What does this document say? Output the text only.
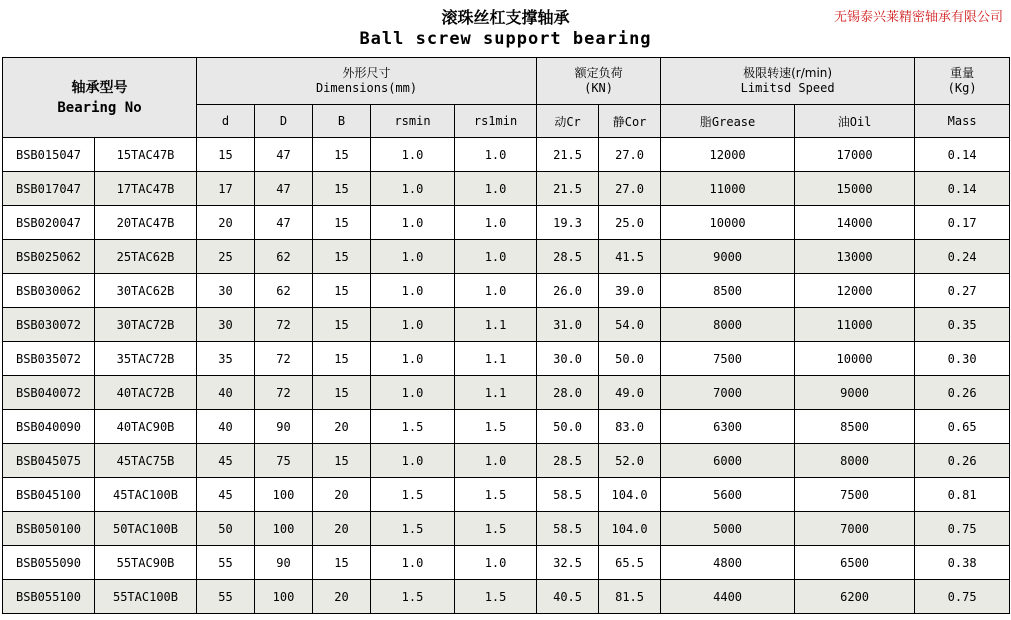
无锡泰兴莱精密轴承有限公司
滚珠丝杠支撑轴承
Ball screw support bearing
轴承型号
Bearing No

外形尺寸
Dimensions(mm)

额定负荷
(KN)

极限转速(r/min)
Limitsd Speed

重量
(Kg)

		d	D	B	rsmin	rs1min	动Cr	静Cor	脂Grease	油Oil	Mass
BSB015047	15TAC47B	15	47	15	1.0	1.0	21.5	27.0	12000	17000	0.14
BSB017047	17TAC47B	17	47	15	1.0	1.0	21.5	27.0	11000	15000	0.14
BSB020047	20TAC47B	20	47	15	1.0	1.0	19.3	25.0	10000	14000	0.17
BSB025062	25TAC62B	25	62	15	1.0	1.0	28.5	41.5	9000	13000	0.24
BSB030062	30TAC62B	30	62	15	1.0	1.0	26.0	39.0	8500	12000	0.27
BSB030072	30TAC72B	30	72	15	1.0	1.1	31.0	54.0	8000	11000	0.35
BSB035072	35TAC72B	35	72	15	1.0	1.1	30.0	50.0	7500	10000	0.30
BSB040072	40TAC72B	40	72	15	1.0	1.1	28.0	49.0	7000	9000	0.26
BSB040090	40TAC90B	40	90	20	1.5	1.5	50.0	83.0	6300	8500	0.65
BSB045075	45TAC75B	45	75	15	1.0	1.0	28.5	52.0	6000	8000	0.26
BSB045100	45TAC100B	45	100	20	1.5	1.5	58.5	104.0	5600	7500	0.81
BSB050100	50TAC100B	50	100	20	1.5	1.5	58.5	104.0	5000	7000	0.75
BSB055090	55TAC90B	55	90	15	1.0	1.0	32.5	65.5	4800	6500	0.38
BSB055100	55TAC100B	55	100	20	1.5	1.5	40.5	81.5	4400	6200	0.75
